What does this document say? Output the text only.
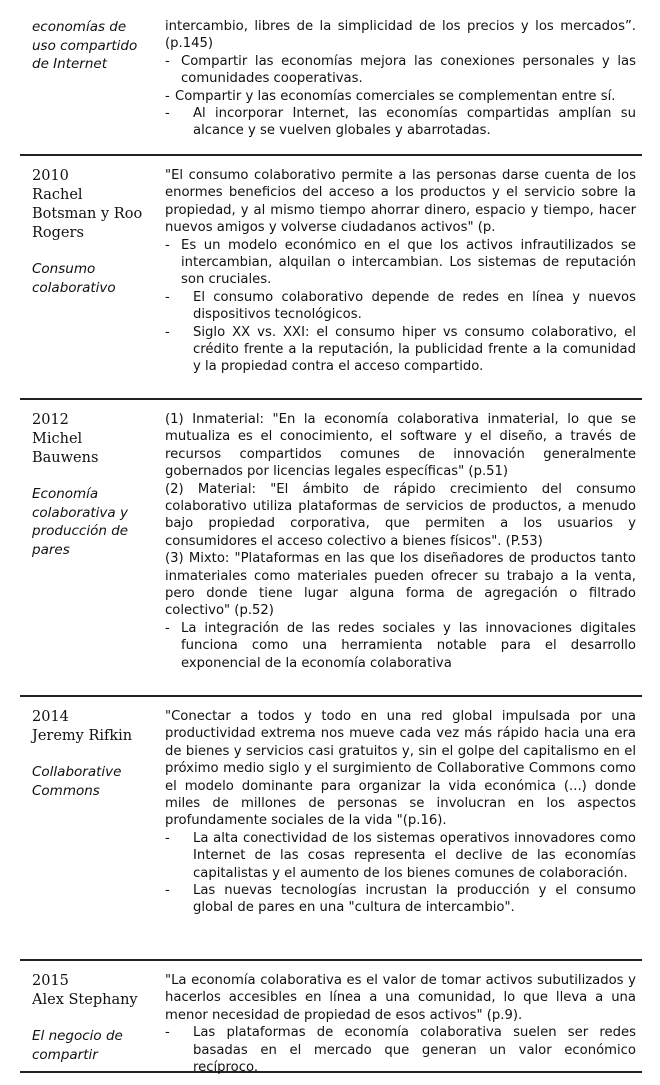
economías de uso compartido de Internet

intercambio, libres de la simplicidad de los precios y los mercados”. (p.145)

- Compartir las economías mejora las conexiones personales y las comunidades cooperativas.
- Compartir y las economías comerciales se complementan entre sí.
- Al incorporar Internet, las economías compartidas amplían su alcance y se vuelven globales y abarrotadas.
2010
Rachel Botsman y Roo Rogers
Consumo colaborativo

"El consumo colaborativo permite a las personas darse cuenta de los enormes beneficios del acceso a los productos y el servicio sobre la propiedad, y al mismo tiempo ahorrar dinero, espacio y tiempo, hacer nuevos amigos y volverse ciudadanos activos" (p.

- Es un modelo económico en el que los activos infrautilizados se intercambian, alquilan o intercambian. Los sistemas de reputación son cruciales.
- El consumo colaborativo depende de redes en línea y nuevos dispositivos tecnológicos.
- Siglo XX vs. XXI: el consumo hiper vs consumo colaborativo, el crédito frente a la reputación, la publicidad frente a la comunidad y la propiedad contra el acceso compartido.
2012
Michel Bauwens
Economía colaborativa y producción de pares

(1) Inmaterial: "En la economía colaborativa inmaterial, lo que se mutualiza es el conocimiento, el software y el diseño, a través de recursos compartidos comunes de innovación generalmente gobernados por licencias legales específicas" (p.51)

(2) Material: "El ámbito de rápido crecimiento del consumo colaborativo utiliza plataformas de servicios de productos, a menudo bajo propiedad corporativa, que permiten a los usuarios y consumidores el acceso colectivo a bienes físicos". (P.53)

(3) Mixto: "Plataformas en las que los diseñadores de productos tanto inmateriales como materiales pueden ofrecer su trabajo a la venta, pero donde tiene lugar alguna forma de agregación o filtrado colectivo" (p.52)

- La integración de las redes sociales y las innovaciones digitales funciona como una herramienta notable para el desarrollo exponencial de la economía colaborativa
2014
Jeremy Rifkin
Collaborative Commons

"Conectar a todos y todo en una red global impulsada por una productividad extrema nos mueve cada vez más rápido hacia una era de bienes y servicios casi gratuitos y, sin el golpe del capitalismo en el próximo medio siglo y el surgimiento de Collaborative Commons como el modelo dominante para organizar la vida económica (...) donde miles de millones de personas se involucran en los aspectos profundamente sociales de la vida "(p.16).

- La alta conectividad de los sistemas operativos innovadores como Internet de las cosas representa el declive de las economías capitalistas y el aumento de los bienes comunes de colaboración.
- Las nuevas tecnologías incrustan la producción y el consumo global de pares en una "cultura de intercambio".
2015
Alex Stephany
El negocio de compartir

"La economía colaborativa es el valor de tomar activos subutilizados y hacerlos accesibles en línea a una comunidad, lo que lleva a una menor necesidad de propiedad de esos activos" (p.9).

- Las plataformas de economía colaborativa suelen ser redes basadas en el mercado que generan un valor económico recíproco.
